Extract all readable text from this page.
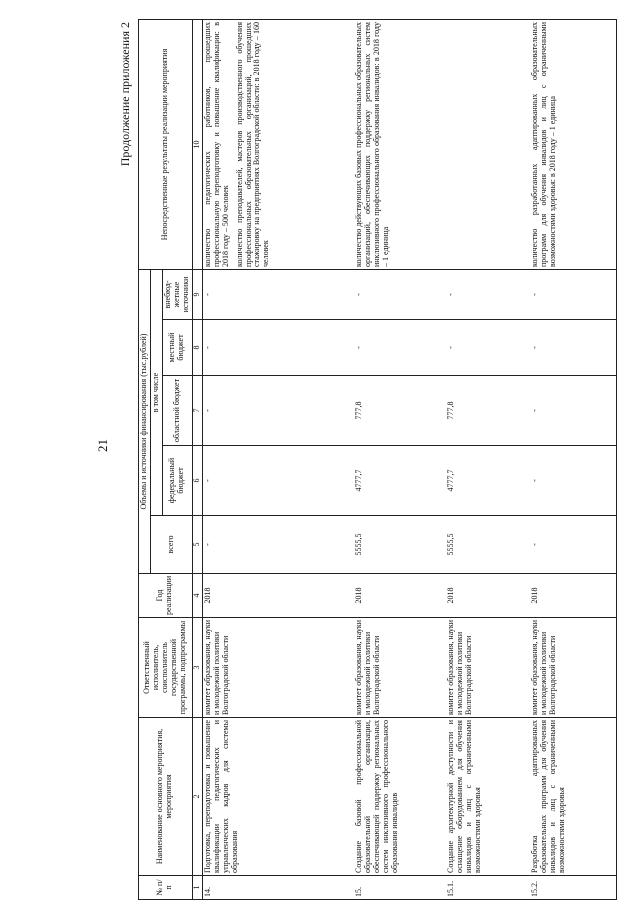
21
Продолжение приложения 2
№ п/п	Наименование основного мероприятия, мероприятия	Ответственный исполнитель, соисполнитель государственной программы, подпрограммы	Год реализации	Объемы и источники финансирования (тыс.рублей)					Непосредственные результаты реализации мероприятия
				всего	в том числе				
					федеральный бюджет	областной бюджет	местный бюджет	внебюд-жетные источники	
1	2	3	4	5	6	7	8	9	10
14.	Подготовка, переподготовка и повышение квалификации педагогических и управленческих кадров для системы образования	комитет образования, науки и молодежной политики Волгоградской области	2018	-	-	-	-	-	количество педагогических работников, прошедших профессиональную переподготовку и повышение квалификации: в 2018 году – 500 человек количество преподавателей, мастеров производственного обучения профессиональных образовательных организаций, прошедших стажировку на предприятиях Волгоградской области: в 2018 году – 160 человек

15.	Создание базовой профессиональной образовательной организации, обеспечивающей поддержку региональных систем инклюзивного профессионального образования инвалидов	комитет образования, науки и молодежной политики Волгоградской области	2018	5555,5	4777,7	777,8	-	-	количество действующих базовых профессиональных образовательных организаций, обеспечивающих поддержку региональных систем инклюзивного профессионального образования инвалидов: в 2018 году – 1 единица

15.1.	Создание архитектурной доступности и оснащение оборудованием для обучения инвалидов и лиц с ограниченными возможностями здоровья	комитет образования, науки и молодежной политики Волгоградской области	2018	5555,5	4777,7	777,8	-	-	
15.2.	Разработка адаптированных образовательных программ для обучения инвалидов и лиц с ограниченными возможностями здоровья	комитет образования, науки и молодежной политики Волгоградской области	2018	-	-	-	-	-	количество разработанных адаптированных образовательных программ для обучения инвалидов и лиц с ограниченными возможностями здоровья: в 2018 году – 1 единица
